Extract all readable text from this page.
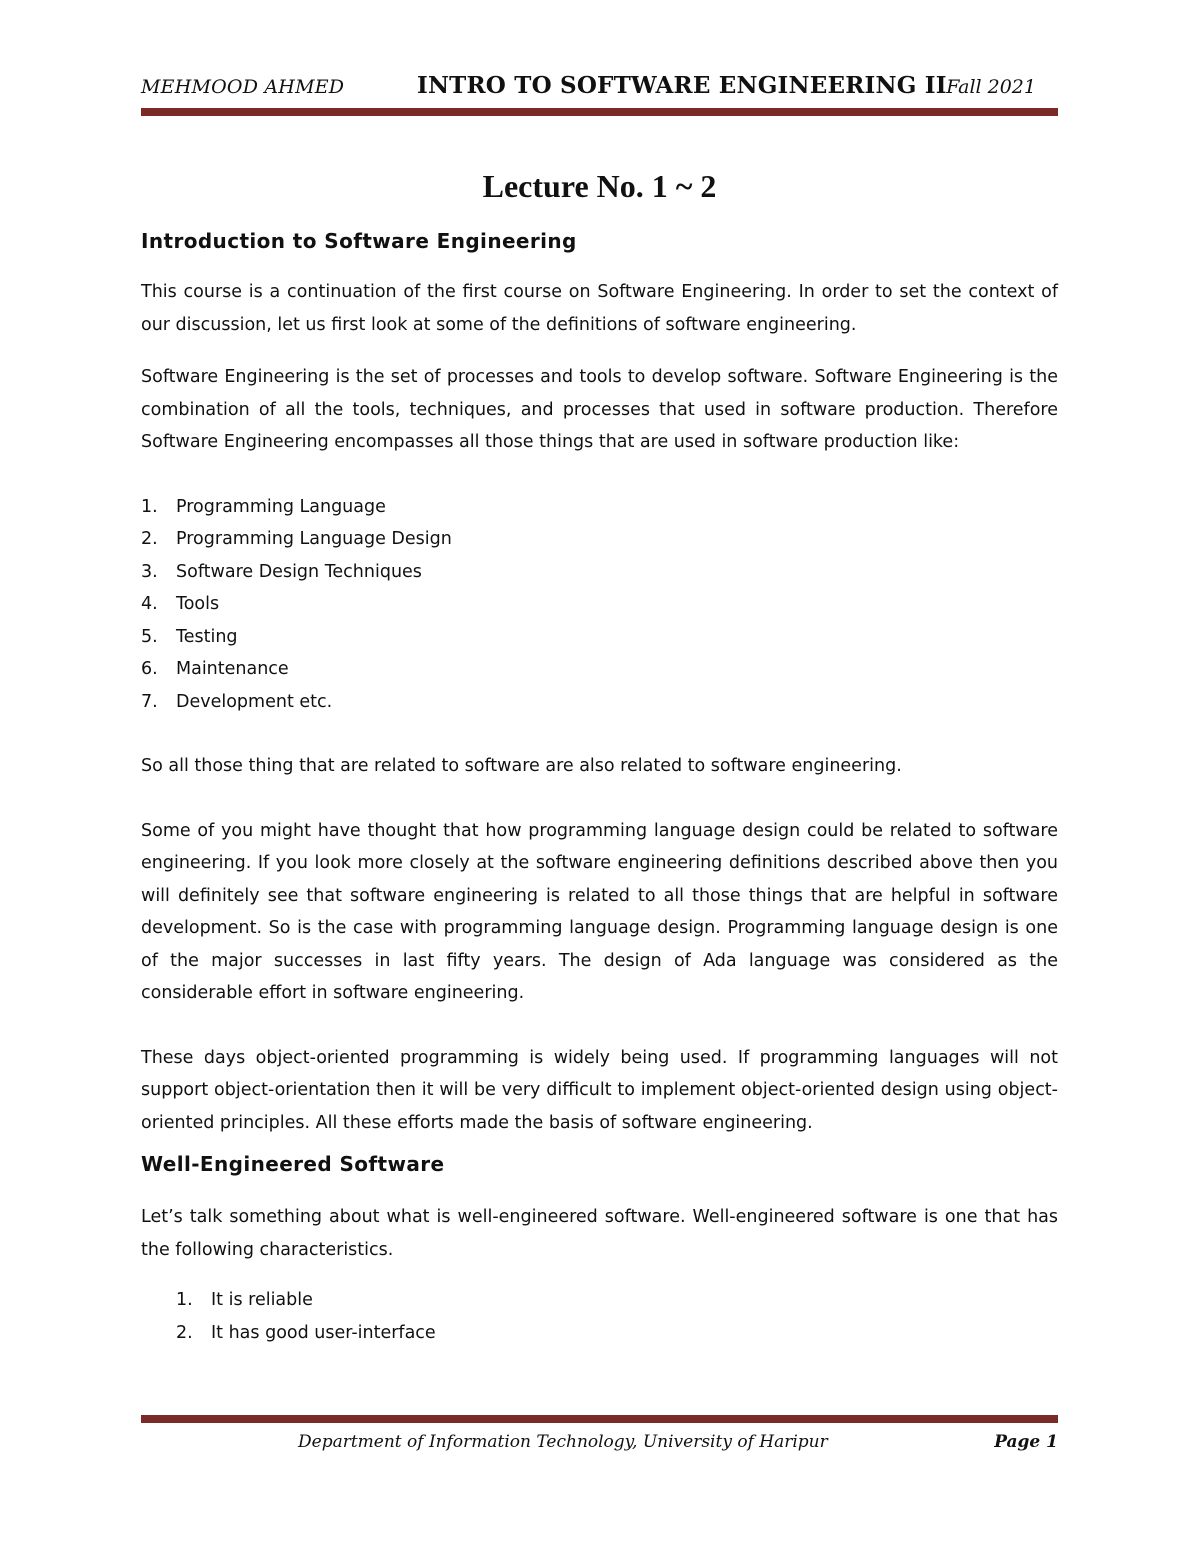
MEHMOOD AHMED	INTRO TO SOFTWARE ENGINEERING II Fall 2021
Lecture No. 1 ~ 2
Introduction to Software Engineering

This course is a continuation of the first course on Software Engineering. In order to set the context of our discussion, let us first look at some of the definitions of software engineering.

Software Engineering is the set of processes and tools to develop software. Software Engineering is the combination of all the tools, techniques, and processes that used in software production. Therefore Software Engineering encompasses all those things that are used in software production like:

1. Programming Language
2. Programming Language Design
3. Software Design Techniques
4. Tools
5. Testing
6. Maintenance
7. Development etc.

So all those thing that are related to software are also related to software engineering.

Some of you might have thought that how programming language design could be related to software engineering. If you look more closely at the software engineering definitions described above then you will definitely see that software engineering is related to all those things that are helpful in software development. So is the case with programming language design. Programming language design is one of the major successes in last fifty years. The design of Ada language was considered as the considerable effort in software engineering.

These days object-oriented programming is widely being used. If programming languages will not support object-orientation then it will be very difficult to implement object-oriented design using object-oriented principles. All these efforts made the basis of software engineering.

Well-Engineered Software

Let’s talk something about what is well-engineered software. Well-engineered software is one that has the following characteristics.

1. It is reliable
2. It has good user-interface
Department of Information Technology, University of Haripur	Page 1
